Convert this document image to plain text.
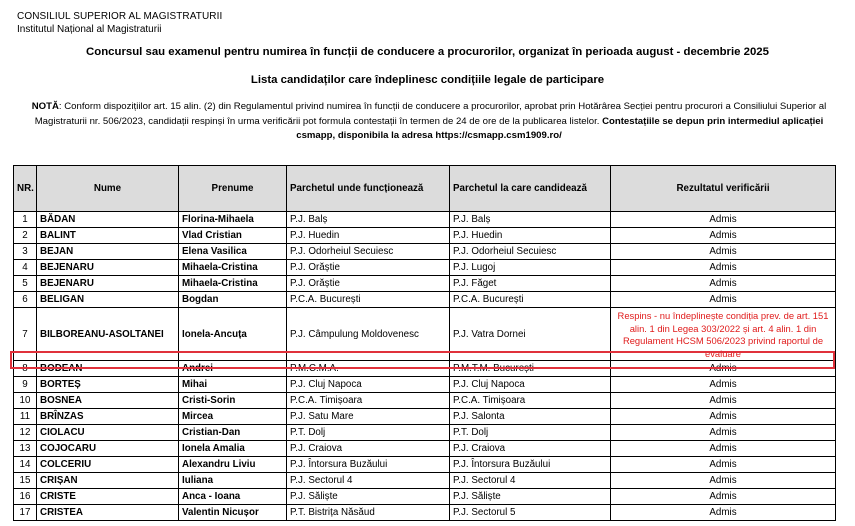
CONSILIUL SUPERIOR AL MAGISTRATURII
Institutul Național al Magistraturii
Concursul sau examenul pentru numirea în funcții de conducere a procurorilor, organizat în perioada august - decembrie 2025
Lista candidaților care îndeplinesc condițiile legale de participare
NOTĂ: Conform dispozițiilor art. 15 alin. (2) din Regulamentul privind numirea în funcții de conducere a procurorilor, aprobat prin Hotărârea Secției pentru procurori a Consiliului Superior al Magistraturii nr. 506/2023, candidații respinși în urma verificării pot formula contestații în termen de 24 de ore de la publicarea listelor. Contestațiile se depun prin intermediul aplicației csmapp, disponibila la adresa https://csmapp.csm1909.ro/
NR.	Nume	Prenume	Parchetul unde funcționează	Parchetul la care candidează	Rezultatul verificării
1	BĂDAN	Florina-Mihaela	P.J. Balș	P.J. Balș	Admis
2	BALINT	Vlad Cristian	P.J. Huedin	P.J. Huedin	Admis
3	BEJAN	Elena Vasilica	P.J. Odorheiul Secuiesc	P.J. Odorheiul Secuiesc	Admis
4	BEJENARU	Mihaela-Cristina	P.J. Orăștie	P.J. Lugoj	Admis
5	BEJENARU	Mihaela-Cristina	P.J. Orăștie	P.J. Făget	Admis
6	BELIGAN	Bogdan	P.C.A. București	P.C.A. București	Admis
7	BILBOREANU-ASOLTANEI	Ionela-Ancuța	P.J. Câmpulung Moldovenesc	P.J. Vatra Dornei	Respins - nu îndeplinește condiția prev. de art. 151 alin. 1 din Legea 303/2022 și art. 4 alin. 1 din Regulament HCSM 506/2023 privind raportul de evaluare
8	BODEAN	Andrei	P.M.C.M.A.	P.M.T.M. București	Admis
9	BORTEȘ	Mihai	P.J. Cluj Napoca	P.J. Cluj Napoca	Admis
10	BOSNEA	Cristi-Sorin	P.C.A. Timișoara	P.C.A. Timișoara	Admis
11	BRÎNZAS	Mircea	P.J. Satu Mare	P.J. Salonta	Admis
12	CIOLACU	Cristian-Dan	P.T. Dolj	P.T. Dolj	Admis
13	COJOCARU	Ionela Amalia	P.J. Craiova	P.J. Craiova	Admis
14	COLCERIU	Alexandru Liviu	P.J. Întorsura Buzăului	P.J. Întorsura Buzăului	Admis
15	CRIȘAN	Iuliana	P.J. Sectorul 4	P.J. Sectorul 4	Admis
16	CRISTE	Anca - Ioana	P.J. Săliște	P.J. Săliște	Admis
17	CRISTEA	Valentin Nicușor	P.T. Bistrița Năsăud	P.J. Sectorul 5	Admis
